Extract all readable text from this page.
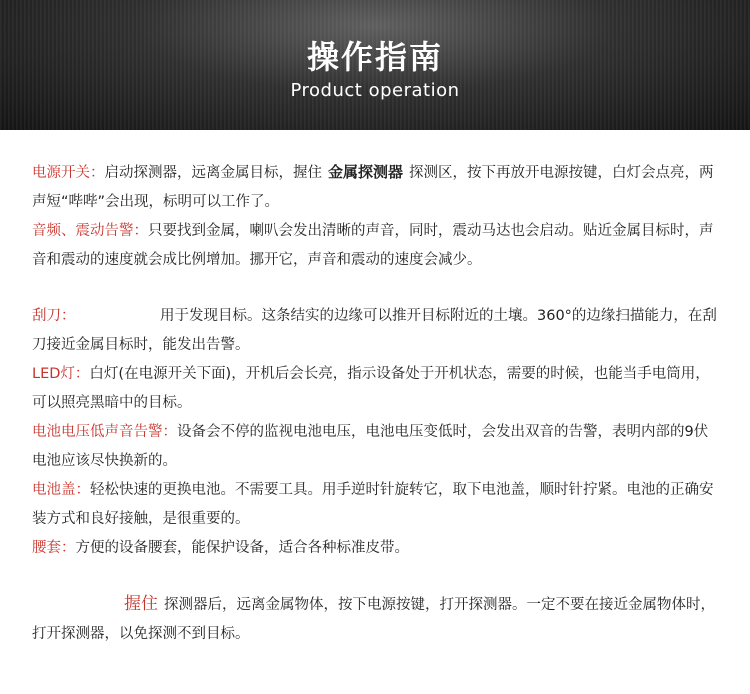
操作指南
Product operation

电源开关：启动探测器，远离金属目标，握住 金属探测器 探测区，按下再放开电源按键，白灯会点亮，两声短“哔哔”会出现，标明可以工作了。

音频、震动告警：只要找到金属，喇叭会发出清晰的声音，同时，震动马达也会启动。贴近金属目标时，声音和震动的速度就会成比例增加。挪开它，声音和震动的速度会减少。

刮刀：	用于发现目标。这条结实的边缘可以推开目标附近的土壤。360°的边缘扫描能力，在刮刀接近金属目标时，能发出告警。

LED灯：白灯(在电源开关下面)，开机后会长亮，指示设备处于开机状态，需要的时候，也能当手电筒用，可以照亮黑暗中的目标。

电池电压低声音告警：设备会不停的监视电池电压，电池电压变低时，会发出双音的告警，表明内部的9伏电池应该尽快换新的。

电池盖：轻松快速的更换电池。不需要工具。用手逆时针旋转它，取下电池盖，顺时针拧紧。电池的正确安装方式和良好接触，是很重要的。

腰套：方便的设备腰套，能保护设备，适合各种标准皮带。

握住 探测器后，远离金属物体，按下电源按键，打开探测器。一定不要在接近金属物体时，打开探测器，以免探测不到目标。
